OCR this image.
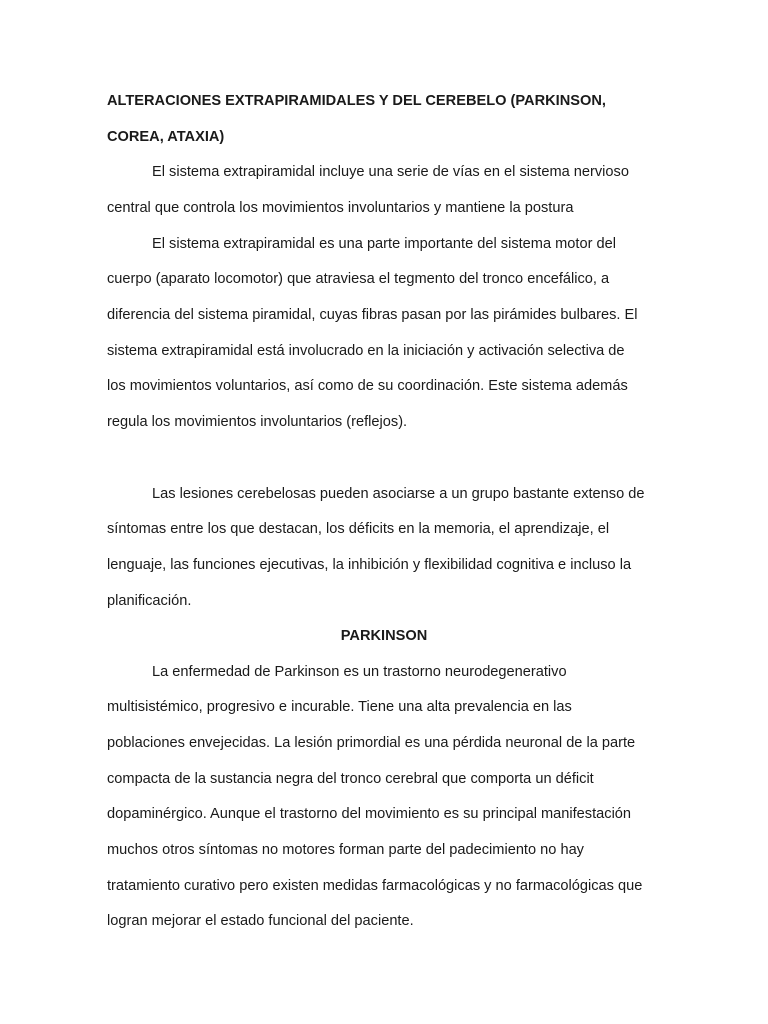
ALTERACIONES EXTRAPIRAMIDALES Y DEL CEREBELO (PARKINSON,

COREA, ATAXIA)

El sistema extrapiramidal incluye una serie de vías en el sistema nervioso

central que controla los movimientos involuntarios y mantiene la postura

El sistema extrapiramidal es una parte importante del sistema motor del

cuerpo (aparato locomotor) que atraviesa el tegmento del tronco encefálico, a

diferencia del sistema piramidal, cuyas fibras pasan por las pirámides bulbares. El

sistema extrapiramidal está involucrado en la iniciación y activación selectiva de

los movimientos voluntarios, así como de su coordinación. Este sistema además

regula los movimientos involuntarios (reflejos).

Las lesiones cerebelosas pueden asociarse a un grupo bastante extenso de

síntomas entre los que destacan, los déficits en la memoria, el aprendizaje, el

lenguaje, las funciones ejecutivas, la inhibición y flexibilidad cognitiva e incluso la

planificación.

PARKINSON

La enfermedad de Parkinson es un trastorno neurodegenerativo

multisistémico, progresivo e incurable. Tiene una alta prevalencia en las

poblaciones envejecidas. La lesión primordial es una pérdida neuronal de la parte

compacta de la sustancia negra del tronco cerebral que comporta un déficit

dopaminérgico. Aunque el trastorno del movimiento es su principal manifestación

muchos otros síntomas no motores forman parte del padecimiento no hay

tratamiento curativo pero existen medidas farmacológicas y no farmacológicas que

logran mejorar el estado funcional del paciente.
